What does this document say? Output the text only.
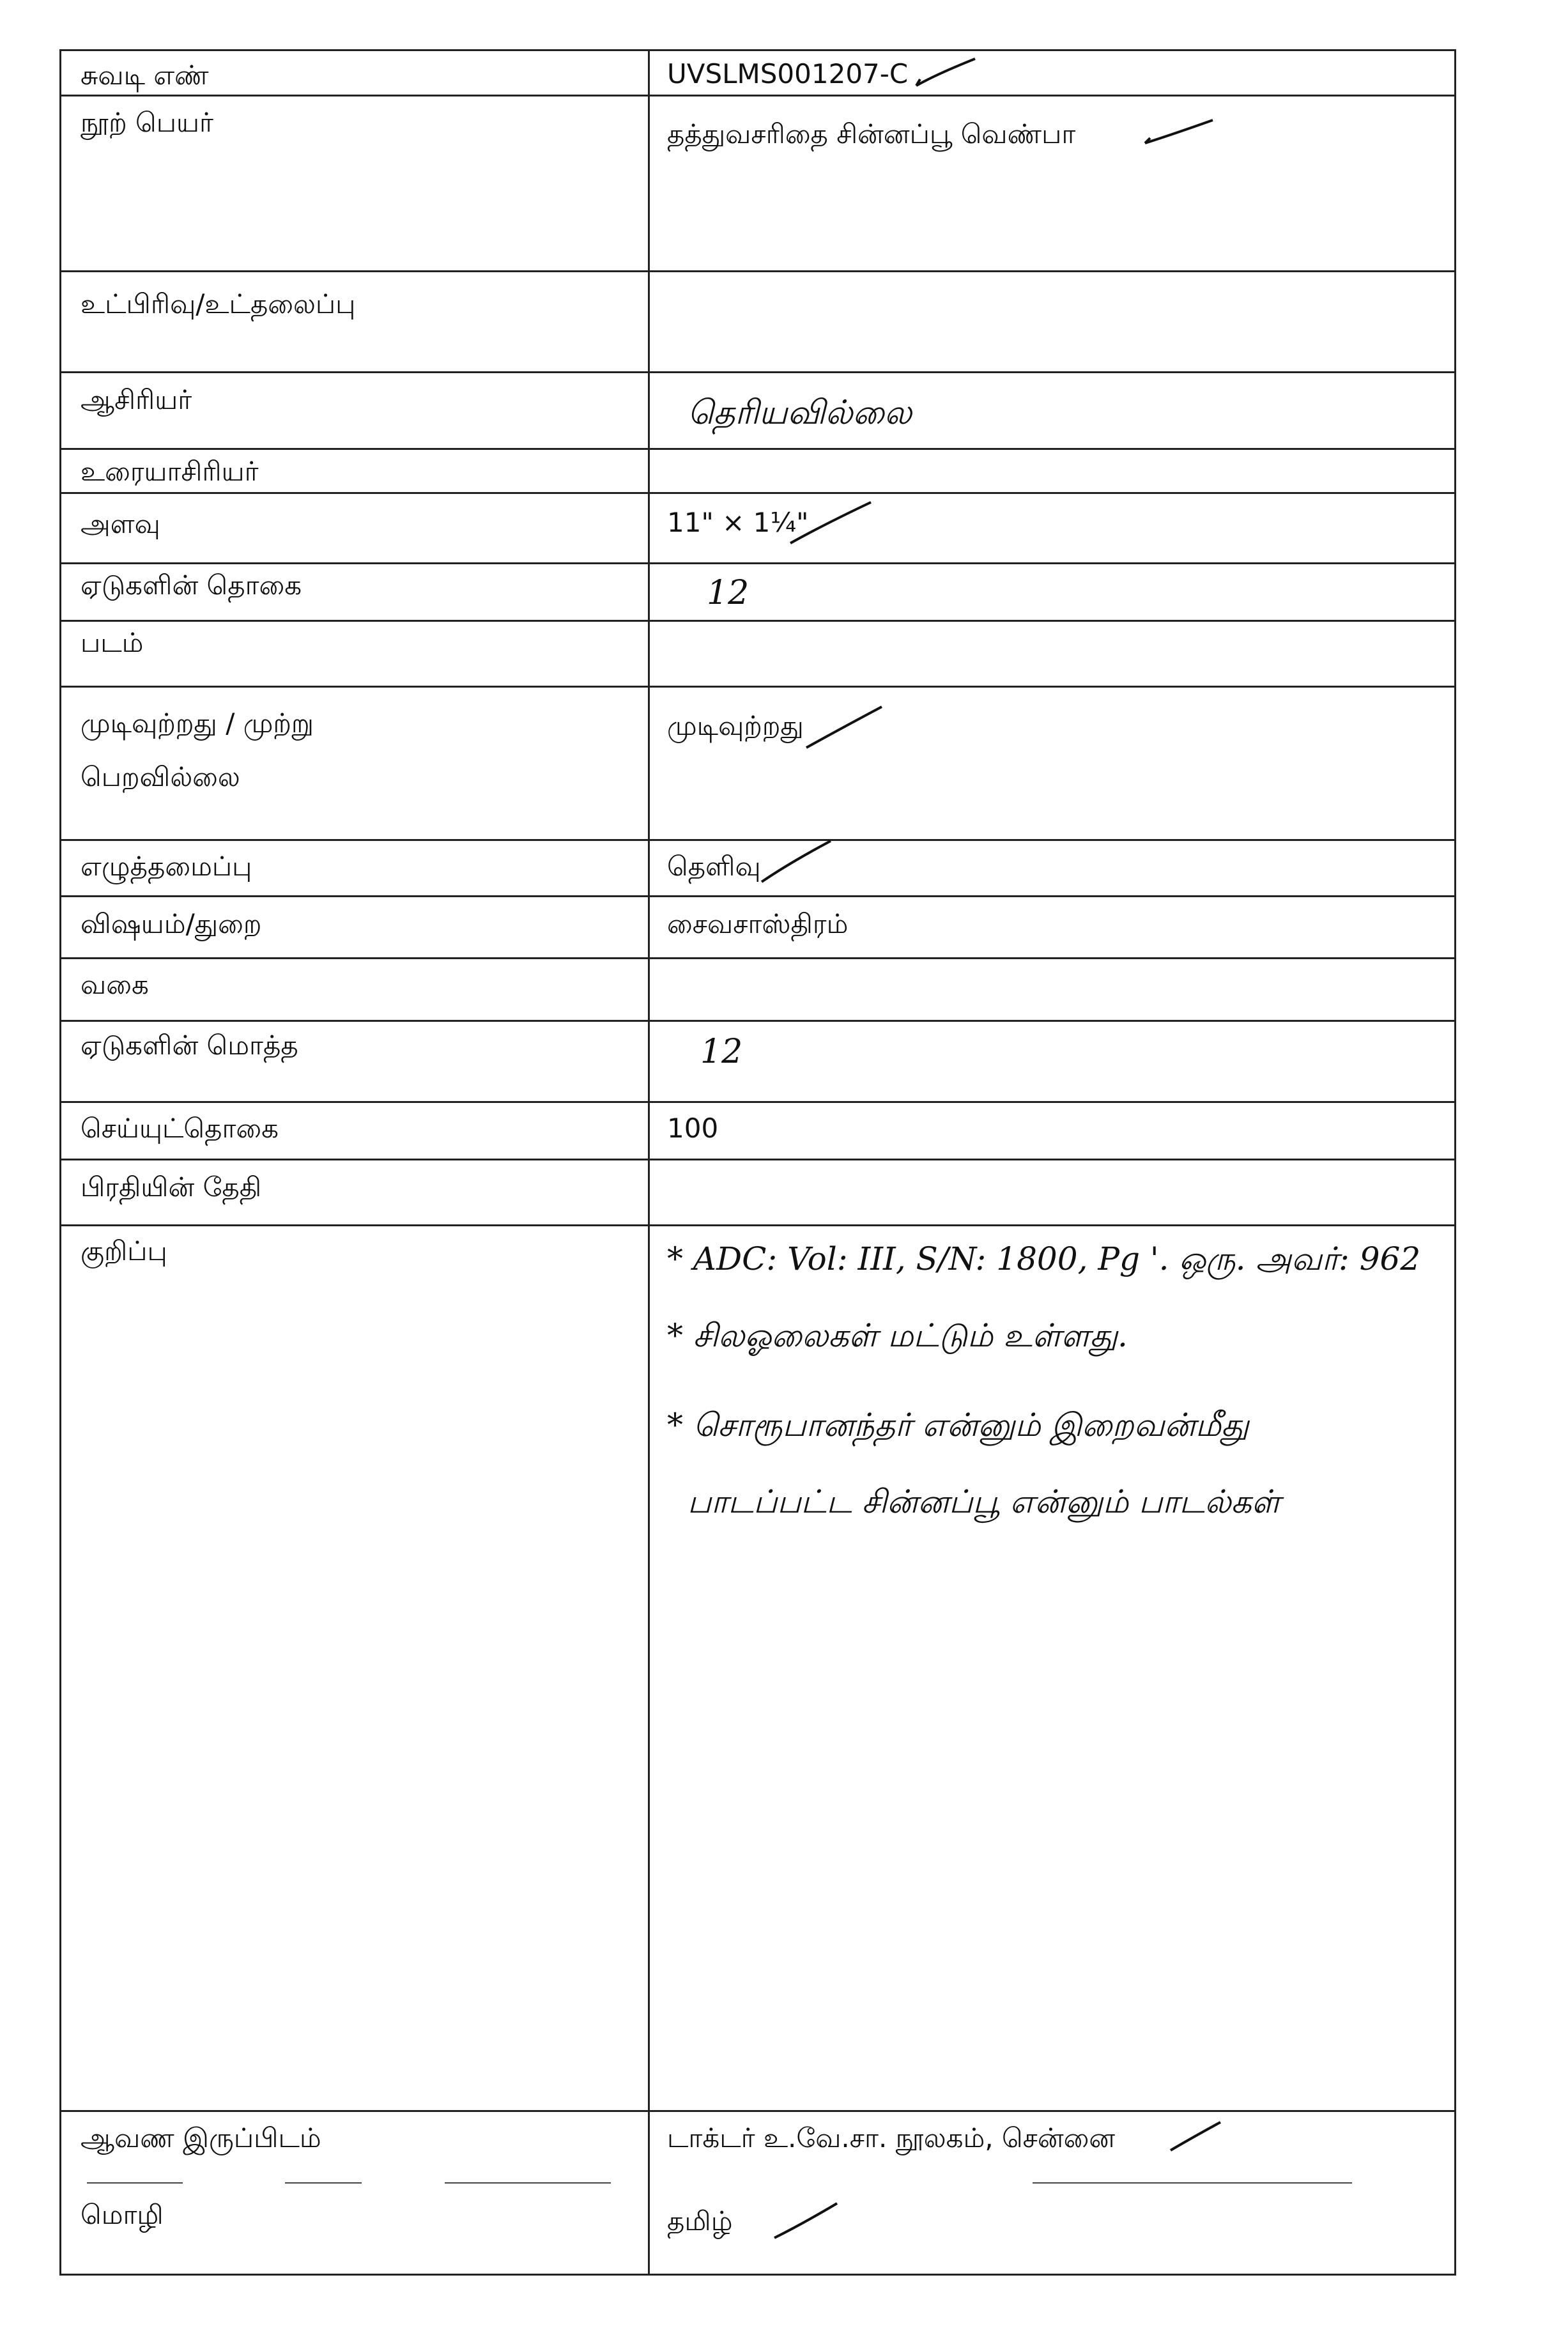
சுவடி எண்
நூற் பெயர்
உட்பிரிவு/உட்தலைப்பு
ஆசிரியர்
உரையாசிரியர்
அளவு
ஏடுகளின் தொகை
படம்
முடிவுற்றது / முற்று
பெறவில்லை
எழுத்தமைப்பு
விஷயம்/துறை
வகை
ஏடுகளின் மொத்த
செய்யுட்தொகை
பிரதியின் தேதி
குறிப்பு
ஆவண இருப்பிடம்
மொழி
UVSLMS001207-C
தத்துவசரிதை சின்னப்பூ வெண்பா
தெரியவில்லை
11" × 1¼"
12
முடிவுற்றது
தெளிவு
சைவசாஸ்திரம்
12
100
டாக்டர் உ.வே.சா. நூலகம், சென்னை
தமிழ்
* ADC: Vol: III, S/N: 1800, Pg '. ஒரு. அவர்: 962
* சிலஓலைகள் மட்டும் உள்ளது.
* சொரூபானந்தர் என்னும் இறைவன்மீது
பாடப்பட்ட சின்னப்பூ என்னும் பாடல்கள்
